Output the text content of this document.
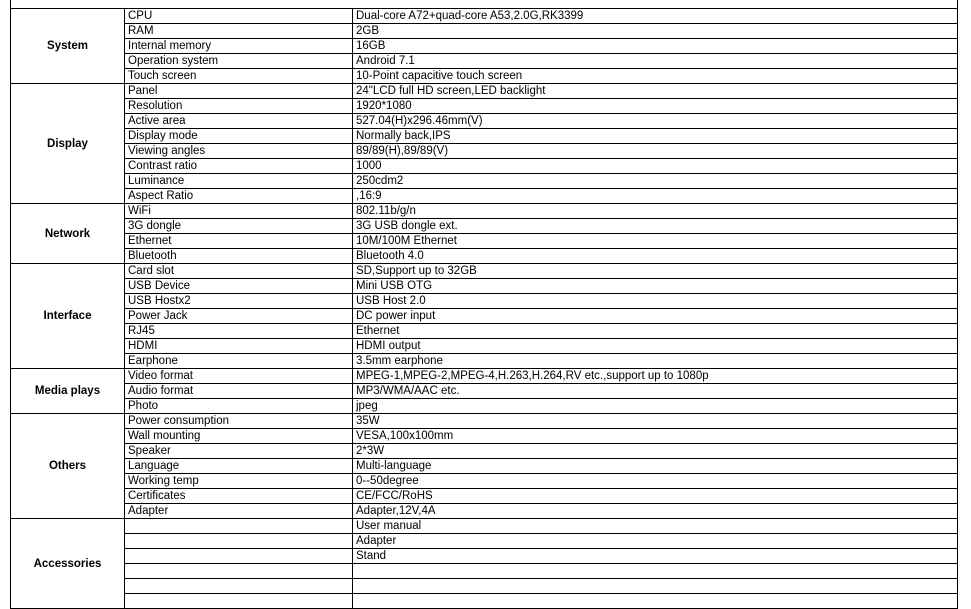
System	CPU	Dual-core A72+quad-core A53,2.0G,RK3399
	RAM	2GB
	Internal memory	16GB
	Operation system	Android 7.1
	Touch screen	10-Point capacitive touch screen
Display	Panel	24"LCD full HD screen,LED backlight
	Resolution	1920*1080
	Active area	527.04(H)x296.46mm(V)
	Display mode	Normally back,IPS
	Viewing angles	89/89(H),89/89(V)
	Contrast ratio	1000
	Luminance	250cdm2
	Aspect Ratio	,16:9
Network	WiFi	802.11b/g/n
	3G dongle	3G USB dongle ext.
	Ethernet	10M/100M Ethernet
	Bluetooth	Bluetooth 4.0
Interface	Card slot	SD,Support up to 32GB
	USB Device	Mini USB OTG
	USB Hostx2	USB Host 2.0
	Power Jack	DC power input
	RJ45	Ethernet
	HDMI	HDMI output
	Earphone	3.5mm earphone
Media plays	Video format	MPEG-1,MPEG-2,MPEG-4,H.263,H.264,RV etc.,support up to 1080p
	Audio format	MP3/WMA/AAC etc.
	Photo	jpeg
Others	Power consumption	35W
	Wall mounting	VESA,100x100mm
	Speaker	2*3W
	Language	Multi-language
	Working temp	0--50degree
	Certificates	CE/FCC/RoHS
	Adapter	Adapter,12V,4A
Accessories		User manual
		Adapter
		Stand
